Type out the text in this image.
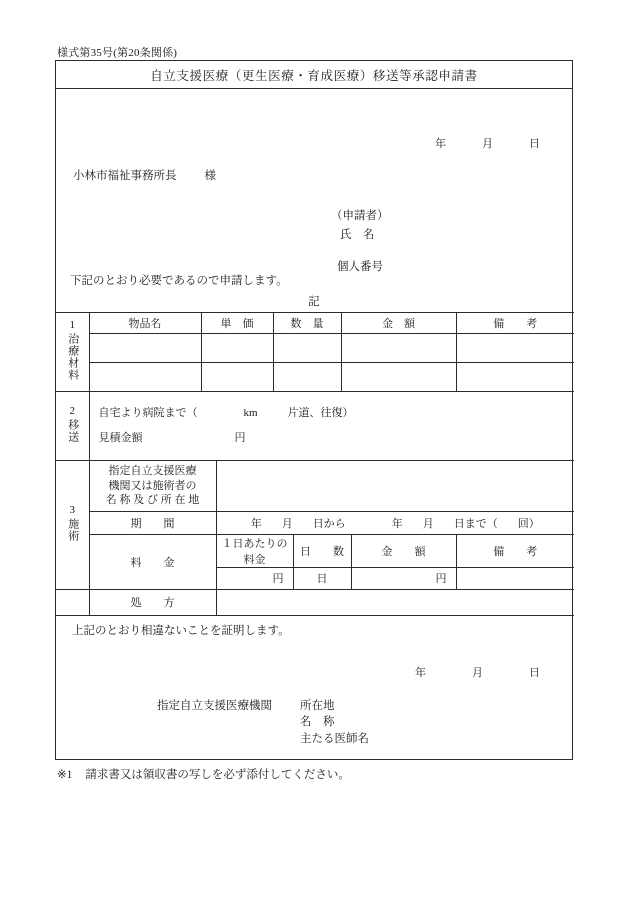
様式第35号(第20条関係)
自立支援医療（更生医療・育成医療）移送等承認申請書
年	月	日
小林市福祉事務所長 様
（申請者）
氏　名
個人番号
下記のとおり必要であるので申請します。
記
1
治療材料	物品名	単　価	数　量	金　額	備　　考

2
移送	
自宅より病院まで（	km	片道、往復）
見積金額	円
3
施術	
指定自立支援医療
機関又は施術者の
名 称 及 び 所 在 地

	期　　間	年 月 日から 年 月 日まで（ 回）			
	料　　金	１日あたりの料金	日　　数	金　　額	備　　考
		円	日	円	
	処　　方				
上記のとおり相違ないことを証明します。
年	月	日
指定自立支援医療機関 所在地
名　称
主たる医師名
※1 請求書又は領収書の写しを必ず添付してください。
